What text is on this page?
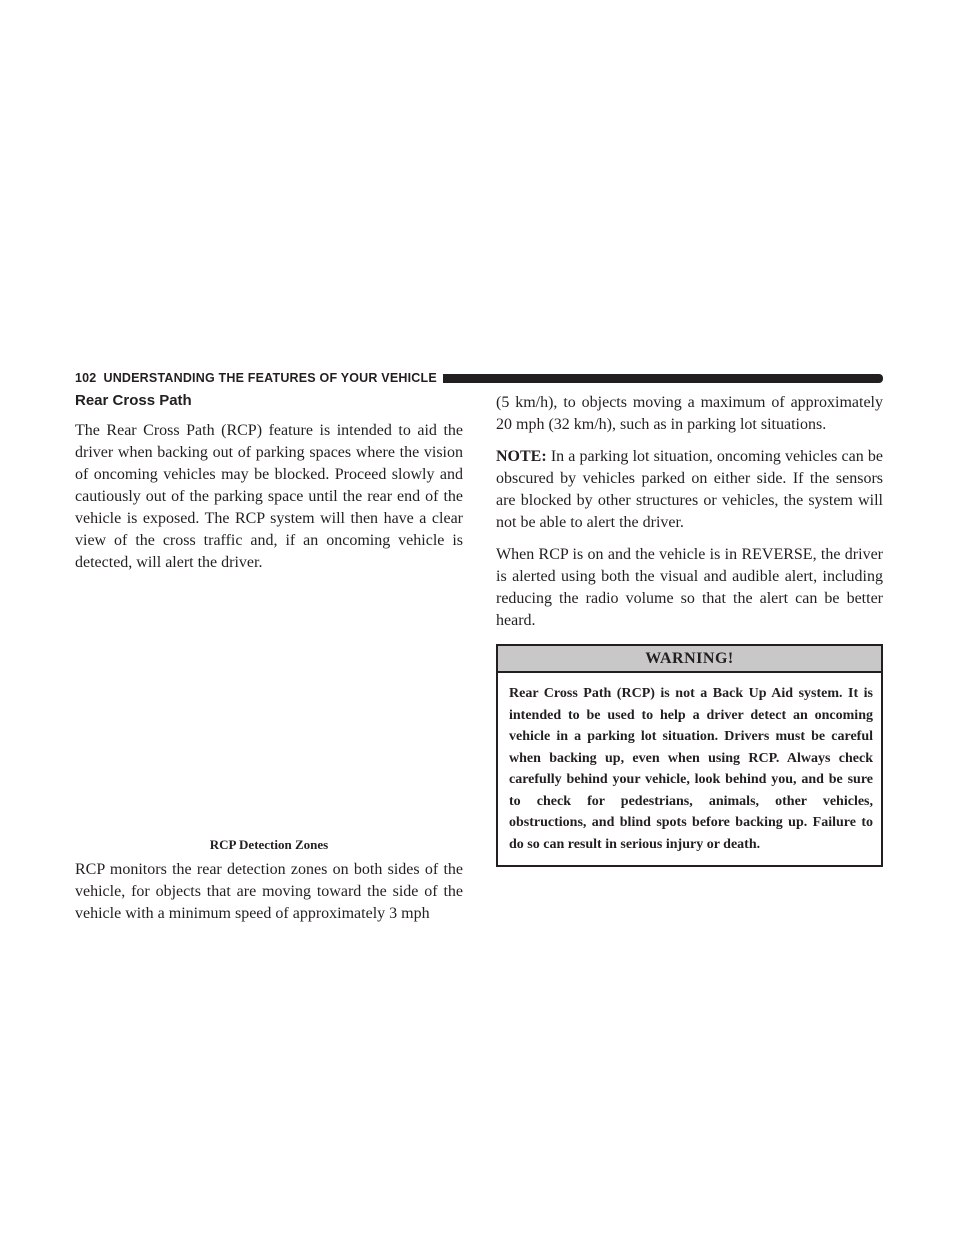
102 UNDERSTANDING THE FEATURES OF YOUR VEHICLE
Rear Cross Path

The Rear Cross Path (RCP) feature is intended to aid the driver when backing out of parking spaces where the vision of oncoming vehicles may be blocked. Proceed slowly and cautiously out of the parking space until the rear end of the vehicle is exposed. The RCP system will then have a clear view of the cross traffic and, if an oncoming vehicle is detected, will alert the driver.

RCP Detection Zones

RCP monitors the rear detection zones on both sides of the vehicle, for objects that are moving toward the side of the vehicle with a minimum speed of approximately 3 mph

(5 km/h), to objects moving a maximum of approximately 20 mph (32 km/h), such as in parking lot situations.

NOTE: In a parking lot situation, oncoming vehicles can be obscured by vehicles parked on either side. If the sensors are blocked by other structures or vehicles, the system will not be able to alert the driver.

When RCP is on and the vehicle is in REVERSE, the driver is alerted using both the visual and audible alert, including reducing the radio volume so that the alert can be better heard.

WARNING!

Rear Cross Path (RCP) is not a Back Up Aid system. It is intended to be used to help a driver detect an oncoming vehicle in a parking lot situation. Drivers must be careful when backing up, even when using RCP. Always check carefully behind your vehicle, look behind you, and be sure to check for pedestrians, animals, other vehicles, obstructions, and blind spots before backing up. Failure to do so can result in serious injury or death.
